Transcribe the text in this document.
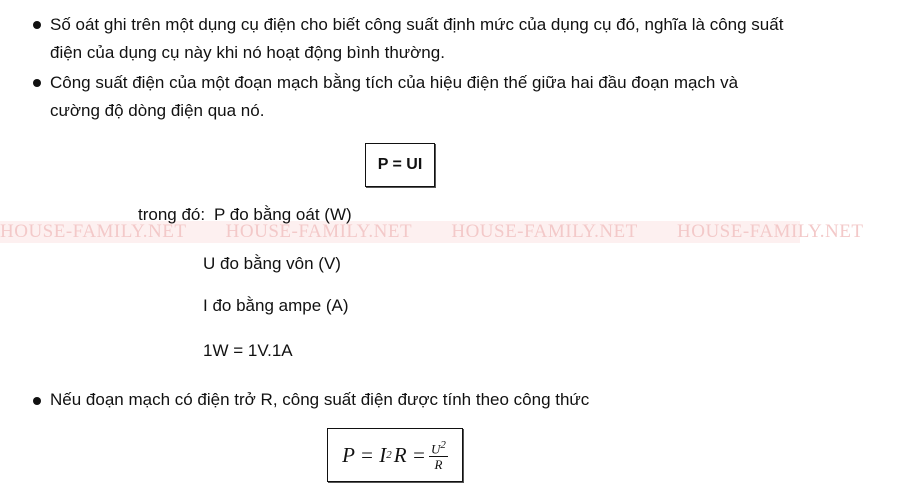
Số oát ghi trên một dụng cụ điện cho biết công suất định mức của dụng cụ đó, nghĩa là công suất điện của dụng cụ này khi nó hoạt động bình thường.
Công suất điện của một đoạn mạch bằng tích của hiệu điện thế giữa hai đầu đoạn mạch và cường độ dòng điện qua nó.
P = UI
HOUSE-FAMILY.NET HOUSE-FAMILY.NET HOUSE-FAMILY.NET HOUSE-FAMILY.NET
trong đó: P đo bằng oát (W)
U đo bằng vôn (V)
I đo bằng ampe (A)
1W = 1V.1A
Nếu đoạn mạch có điện trở R, công suất điện được tính theo công thức
P = I 2 $R = \frac{U^2}{R}$
